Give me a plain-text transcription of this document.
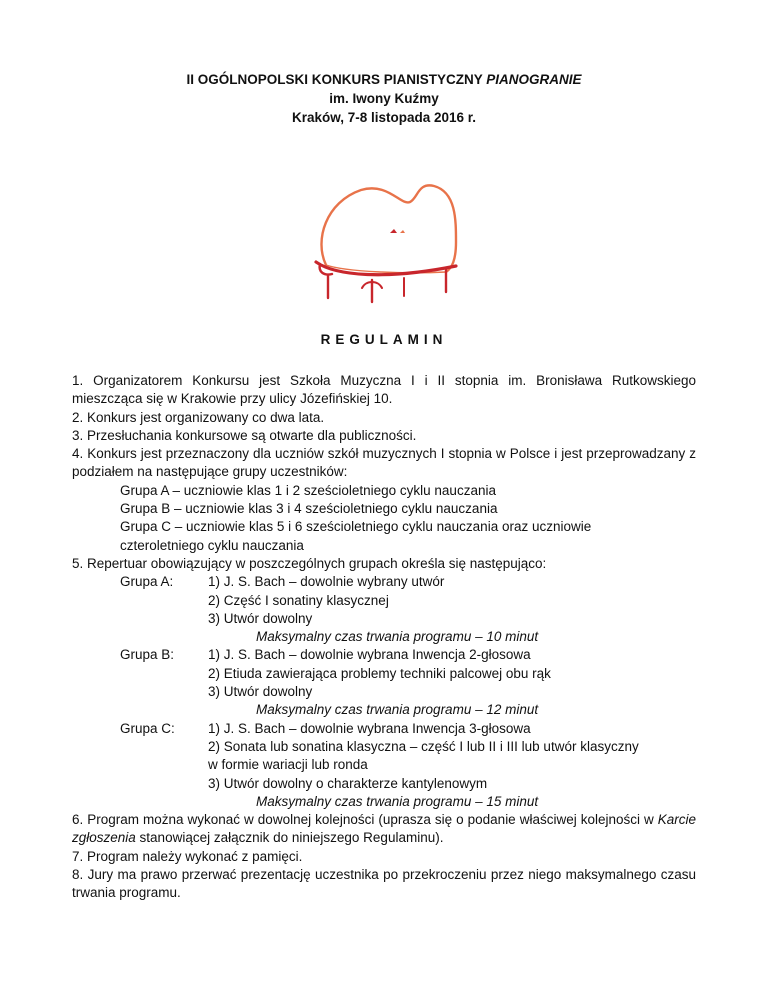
II OGÓLNOPOLSKI KONKURS PIANISTYCZNY PIANOGRANIE
im. Iwony Kuźmy
Kraków, 7-8 listopada 2016 r.
REGULAMIN

1. Organizatorem Konkursu jest Szkoła Muzyczna I i II stopnia im. Bronisława Rutkowskiego mieszcząca się w Krakowie przy ulicy Józefińskiej 10.

2. Konkurs jest organizowany co dwa lata.

3. Przesłuchania konkursowe są otwarte dla publiczności.

4. Konkurs jest przeznaczony dla uczniów szkół muzycznych I stopnia w Polsce i jest przeprowadzany z podziałem na następujące grupy uczestników:

Grupa A – uczniowie klas 1 i 2 sześcioletniego cyklu nauczania

Grupa B – uczniowie klas 3 i 4 sześcioletniego cyklu nauczania

Grupa C – uczniowie klas 5 i 6 sześcioletniego cyklu nauczania oraz uczniowie

czteroletniego cyklu nauczania

5. Repertuar obowiązujący w poszczególnych grupach określa się następująco:

Grupa A:	1) J. S. Bach – dowolnie wybrany utwór

2) Część I sonatiny klasycznej

3) Utwór dowolny

Maksymalny czas trwania programu – 10 minut

Grupa B:	1) J. S. Bach – dowolnie wybrana Inwencja 2-głosowa

2) Etiuda zawierająca problemy techniki palcowej obu rąk

3) Utwór dowolny

Maksymalny czas trwania programu – 12 minut

Grupa C:	1) J. S. Bach – dowolnie wybrana Inwencja 3-głosowa

2) Sonata lub sonatina klasyczna – część I lub II i III lub utwór klasyczny

w formie wariacji lub ronda

3) Utwór dowolny o charakterze kantylenowym

Maksymalny czas trwania programu – 15 minut

6. Program można wykonać w dowolnej kolejności (uprasza się o podanie właściwej kolejności w Karcie zgłoszenia stanowiącej załącznik do niniejszego Regulaminu).

7. Program należy wykonać z pamięci.

8. Jury ma prawo przerwać prezentację uczestnika po przekroczeniu przez niego maksymalnego czasu trwania programu.
